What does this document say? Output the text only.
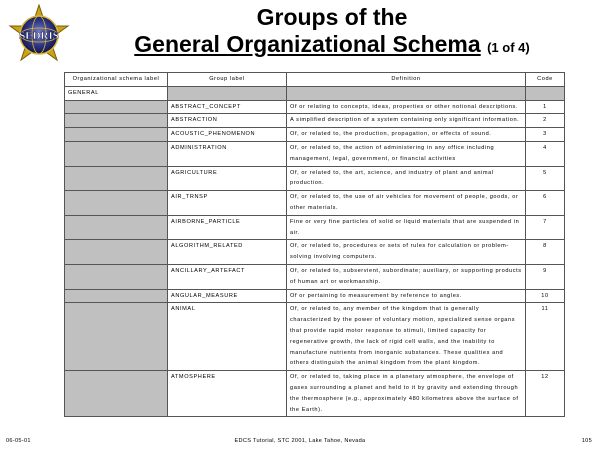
SEDRIS
Groups of the
General Organizational Schema (1 of 4)
Organizational schema label	Group label	Definition	Code
GENERAL			
	ABSTRACT_CONCEPT	Of or relating to concepts, ideas, properties or other notional descriptions.	1
	ABSTRACTION	A simplified description of a system containing only significant information.	2
	ACOUSTIC_PHENOMENON	Of, or related to, the production, propagation, or effects of sound.	3
	ADMINISTRATION	Of, or related to, the action of administering in any office including management, legal, government, or financial activities	4
	AGRICULTURE	Of, or related to, the art, science, and industry of plant and animal production.	5
	AIR_TRNSP	Of, or related to, the use of air vehicles for movement of people, goods, or other materials.	6
	AIRBORNE_PARTICLE	Fine or very fine particles of solid or liquid materials that are suspended in air.	7
	ALGORITHM_RELATED	Of, or related to, procedures or sets of rules for calculation or problem-solving involving computers.	8
	ANCILLARY_ARTEFACT	Of, or related to, subservient, subordinate; auxiliary, or supporting products of human art or workmanship.	9
	ANGULAR_MEASURE	Of or pertaining to measurement by reference to angles.	10
	ANIMAL	Of, or related to, any member of the kingdom that is generally characterized by the power of voluntary motion, specialized sense organs that provide rapid motor response to stimuli, limited capacity for regenerative growth, the lack of rigid cell walls, and the inability to manufacture nutrients from inorganic substances. These qualities and others distinguish the animal kingdom from the plant kingdom.	11
	ATMOSPHERE	Of, or related to, taking place in a planetary atmosphere, the envelope of gases surrounding a planet and held to it by gravity and extending through the thermosphere (e.g., approximately 480 kilometres above the surface of the Earth).	12
06-05-01	EDCS Tutorial, STC 2001, Lake Tahoe, Nevada	105
